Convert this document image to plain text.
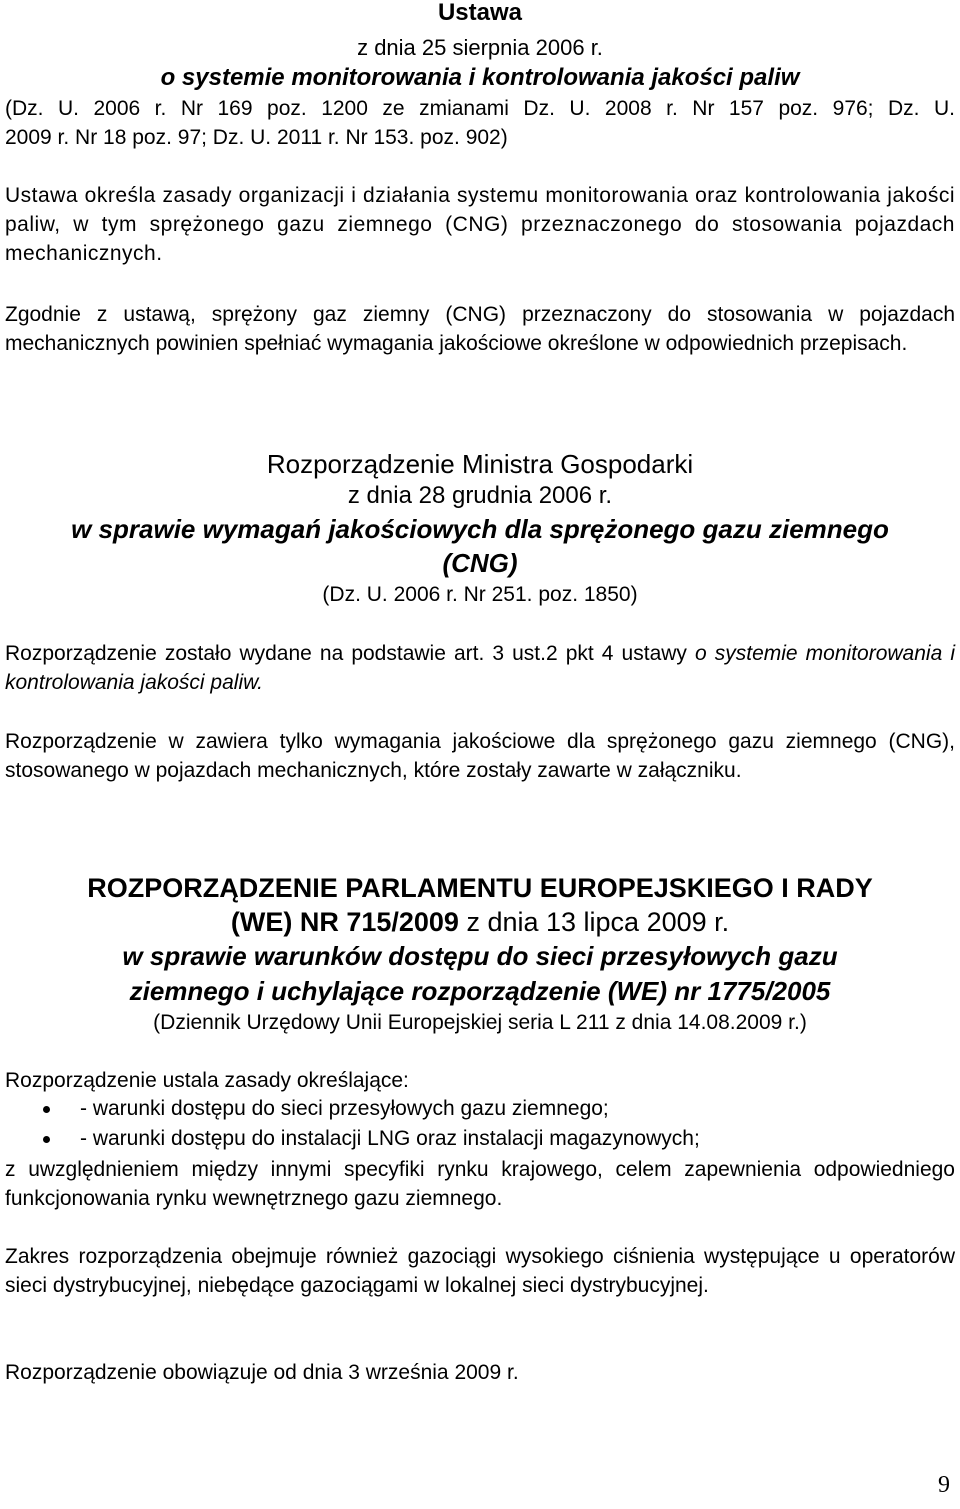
Ustawa
z dnia 25 sierpnia 2006 r.
o systemie monitorowania i kontrolowania jakości paliw
(Dz. U. 2006 r. Nr 169 poz. 1200 ze zmianami Dz. U. 2008 r. Nr 157 poz. 976; Dz. U.
2009 r. Nr 18 poz. 97; Dz. U. 2011 r. Nr 153. poz. 902)

Ustawa określa zasady organizacji i działania systemu monitorowania oraz kontrolowania jakości paliw, w tym sprężonego gazu ziemnego (CNG) przeznaczonego do stosowania pojazdach mechanicznych.

Zgodnie z ustawą, sprężony gaz ziemny (CNG) przeznaczony do stosowania w pojazdach mechanicznych powinien spełniać wymagania jakościowe określone w odpowiednich przepisach.

Rozporządzenie Ministra Gospodarki
z dnia 28 grudnia 2006 r.
w sprawie wymagań jakościowych dla sprężonego gazu ziemnego
(CNG)
(Dz. U. 2006 r. Nr 251. poz. 1850)

Rozporządzenie zostało wydane na podstawie art. 3 ust.2 pkt 4 ustawy o systemie monitorowania i kontrolowania jakości paliw.

Rozporządzenie w zawiera tylko wymagania jakościowe dla sprężonego gazu ziemnego (CNG), stosowanego w pojazdach mechanicznych, które zostały zawarte w załączniku.

ROZPORZĄDZENIE PARLAMENTU EUROPEJSKIEGO I RADY
(WE) NR 715/2009 z dnia 13 lipca 2009 r.
w sprawie warunków dostępu do sieci przesyłowych gazu
ziemnego i uchylające rozporządzenie (WE) nr 1775/2005
(Dziennik Urzędowy Unii Europejskiej seria L 211 z dnia 14.08.2009 r.)

Rozporządzenie ustala zasady określające:

- warunki dostępu do sieci przesyłowych gazu ziemnego;
- warunki dostępu do instalacji LNG oraz instalacji magazynowych;

z uwzględnieniem między innymi specyfiki rynku krajowego, celem zapewnienia odpowiedniego funkcjonowania rynku wewnętrznego gazu ziemnego.

Zakres rozporządzenia obejmuje również gazociągi wysokiego ciśnienia występujące u operatorów sieci dystrybucyjnej, niebędące gazociągami w lokalnej sieci dystrybucyjnej.

Rozporządzenie obowiązuje od dnia 3 września 2009 r.

9
